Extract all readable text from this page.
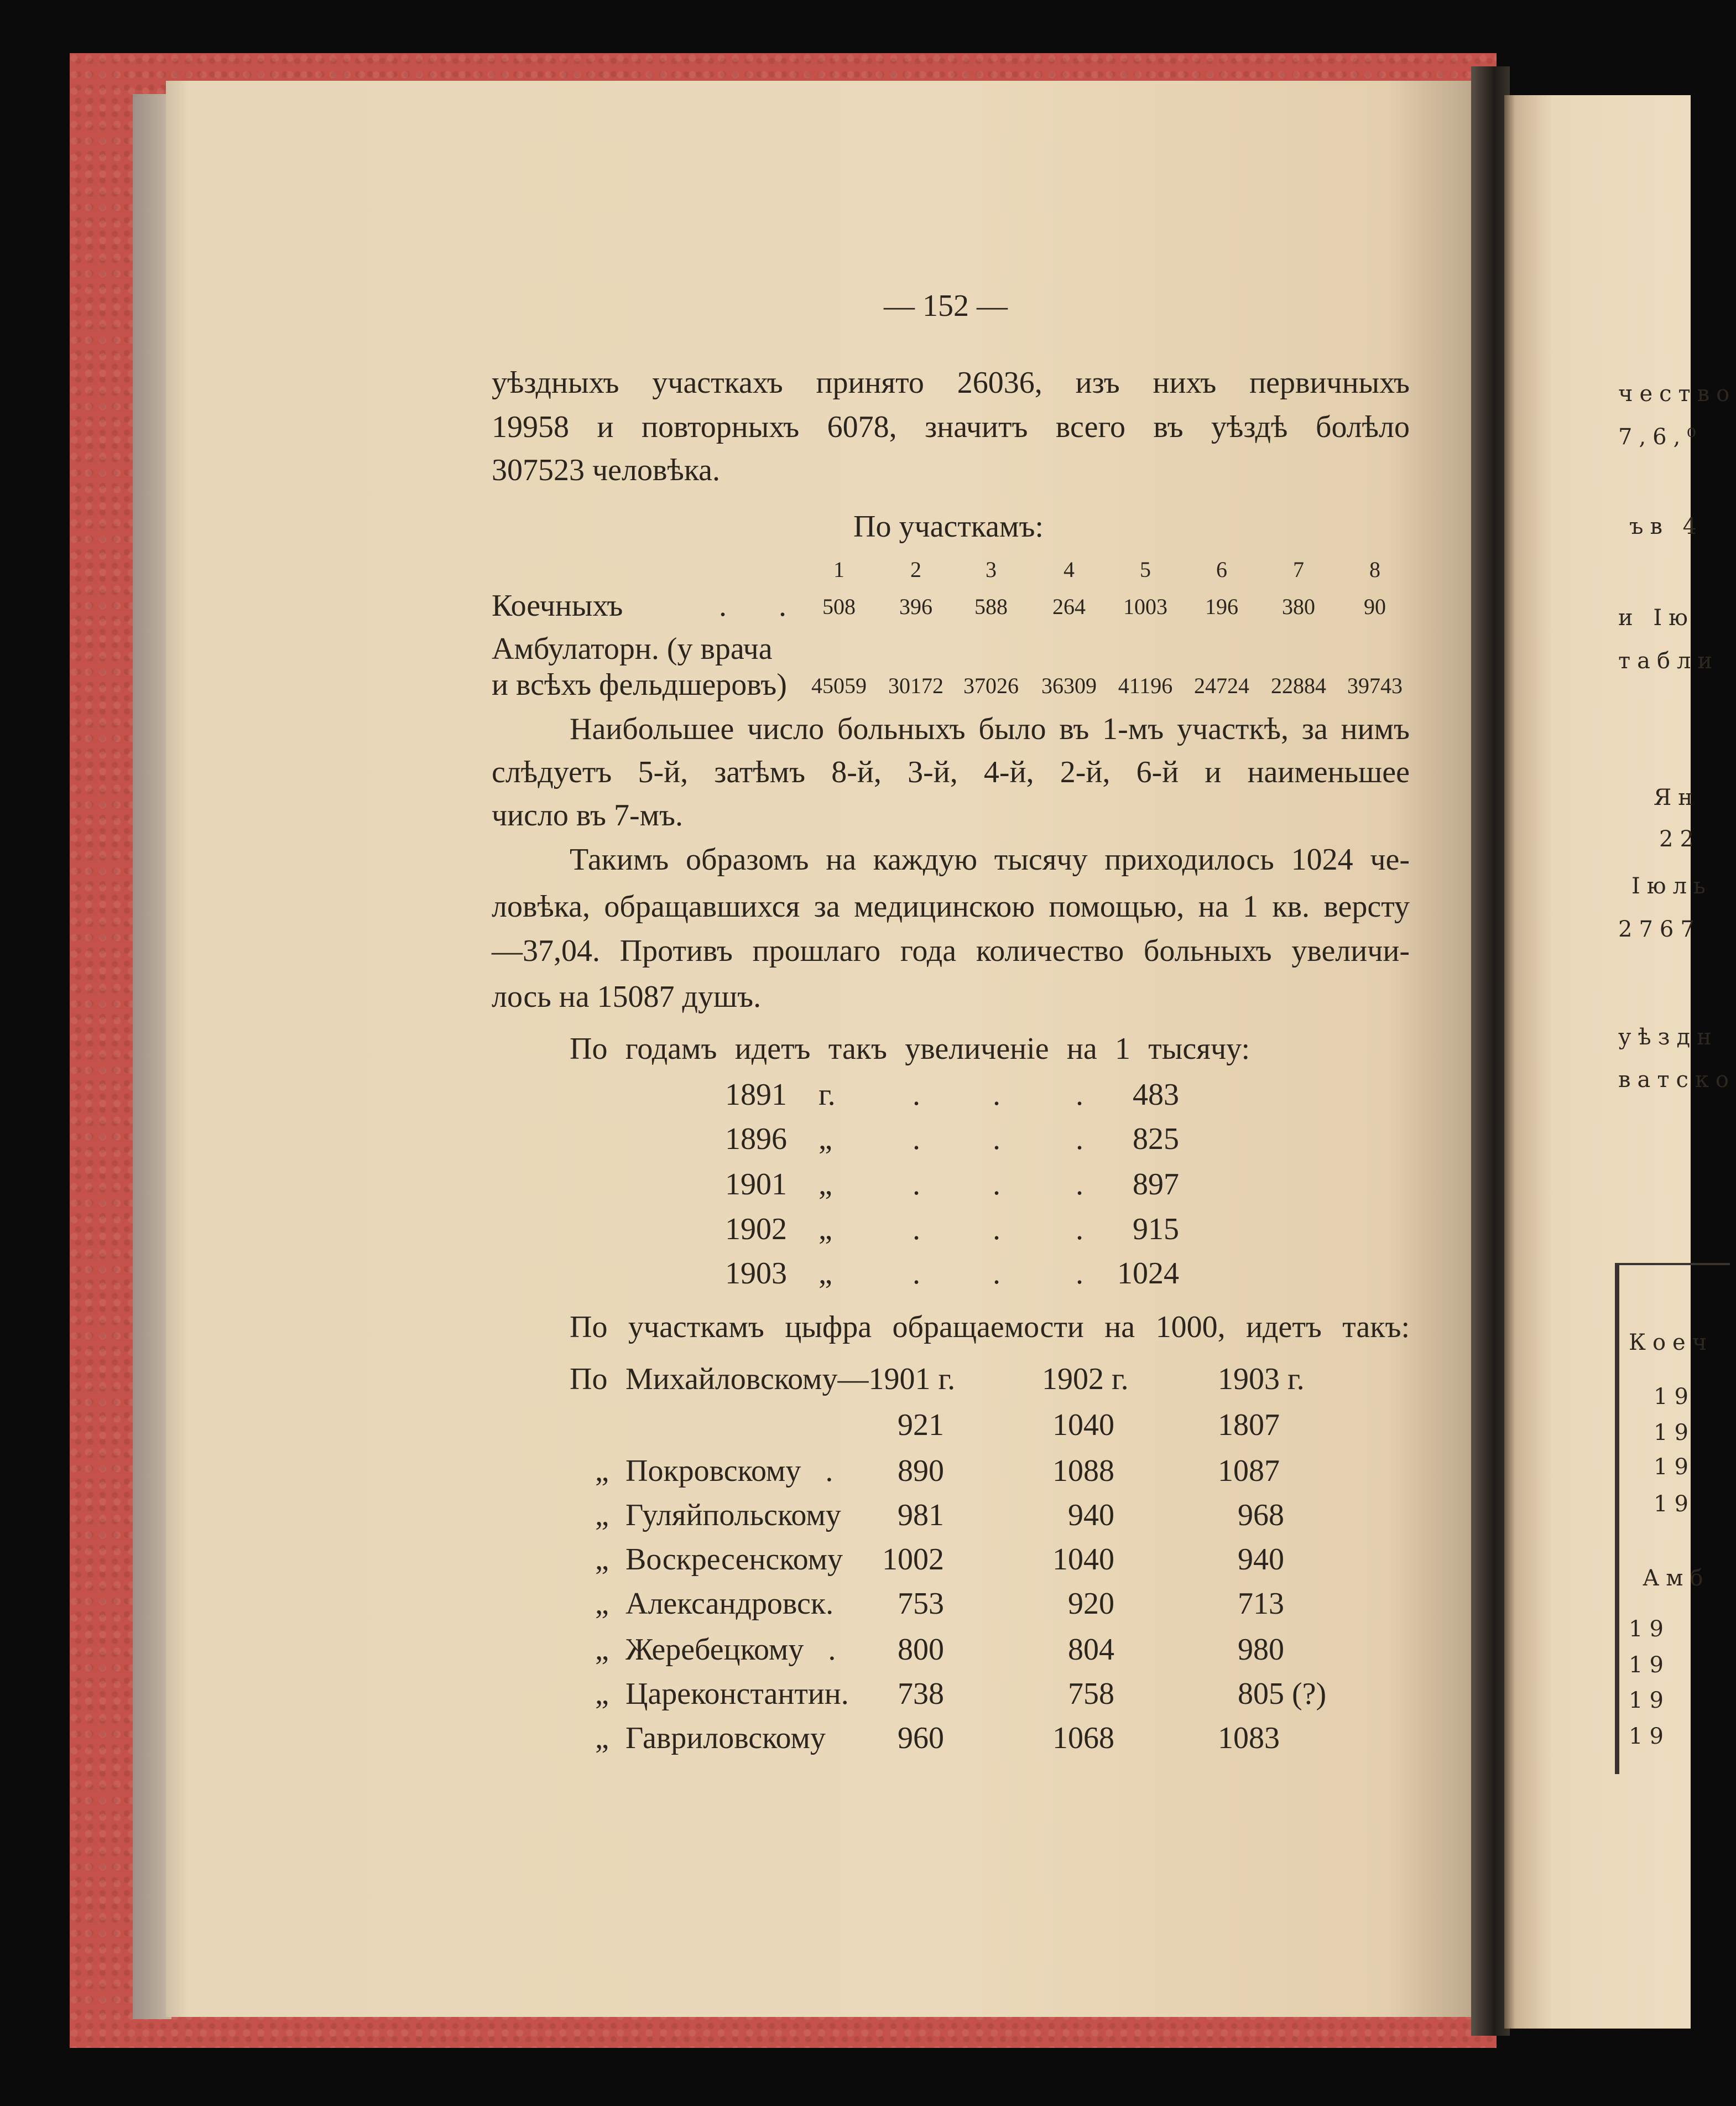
— 152 —
уѣздныхъ участкахъ принято 26036, изъ нихъ первичныхъ
19958 и повторныхъ 6078, значитъ всего въ уѣздѣ болѣло
307523 человѣка.
По участкамъ:
1	2	3	4	5	6	7	8
Коечныхъ	. . 508	396	588	264	1003	196	380	90
Амбулаторн. (у врача
и всѣхъ фельдшеровъ)	45059 30172 37026	36309 41196 24724 22884 39743
Наибольшее число больныхъ было въ 1-мъ участкѣ, за нимъ
слѣдуетъ 5-й, затѣмъ 8-й, 3-й, 4-й, 2-й, 6-й и наименьшее
число въ 7-мъ.
Такимъ образомъ на каждую тысячу приходилось 1024 че-
ловѣка, обращавшихся за медицинскою помощью, на 1 кв. версту
—37,04. Противъ прошлаго года количество больныхъ увеличи-
лось на 15087 душъ.
По годамъ идетъ такъ увеличеніе на 1 тысячу:
1891 г. . . .	483
1896 „	. . .	825
1901 „	. . .	897
1902 „	. . .	915
1903 „	. . .	1024
По участкамъ цыфра обращаемости на 1000, идетъ такъ:
По Михайловскому—1901 г.	1902 г.	1903 г.
921	1040	1807
„ Покровскому .	890	1088	1087
„ Гуляйпольскому	981	940	968
„ Воскресенскому	1002	1040	940
„ Александровск.	753	920	713
„ Жеребецкому .	800	804	980
„ Цареконстантин.	738	758	805 (?)
„ Гавриловскому	960	1068	1083
чество
7,6,⁰
ъв 4
и Ію
табли
Ян
22
Іюль
2767
уѣздн
ватско
Коеч
19
19
19
19
Амб
19
19
19
19
